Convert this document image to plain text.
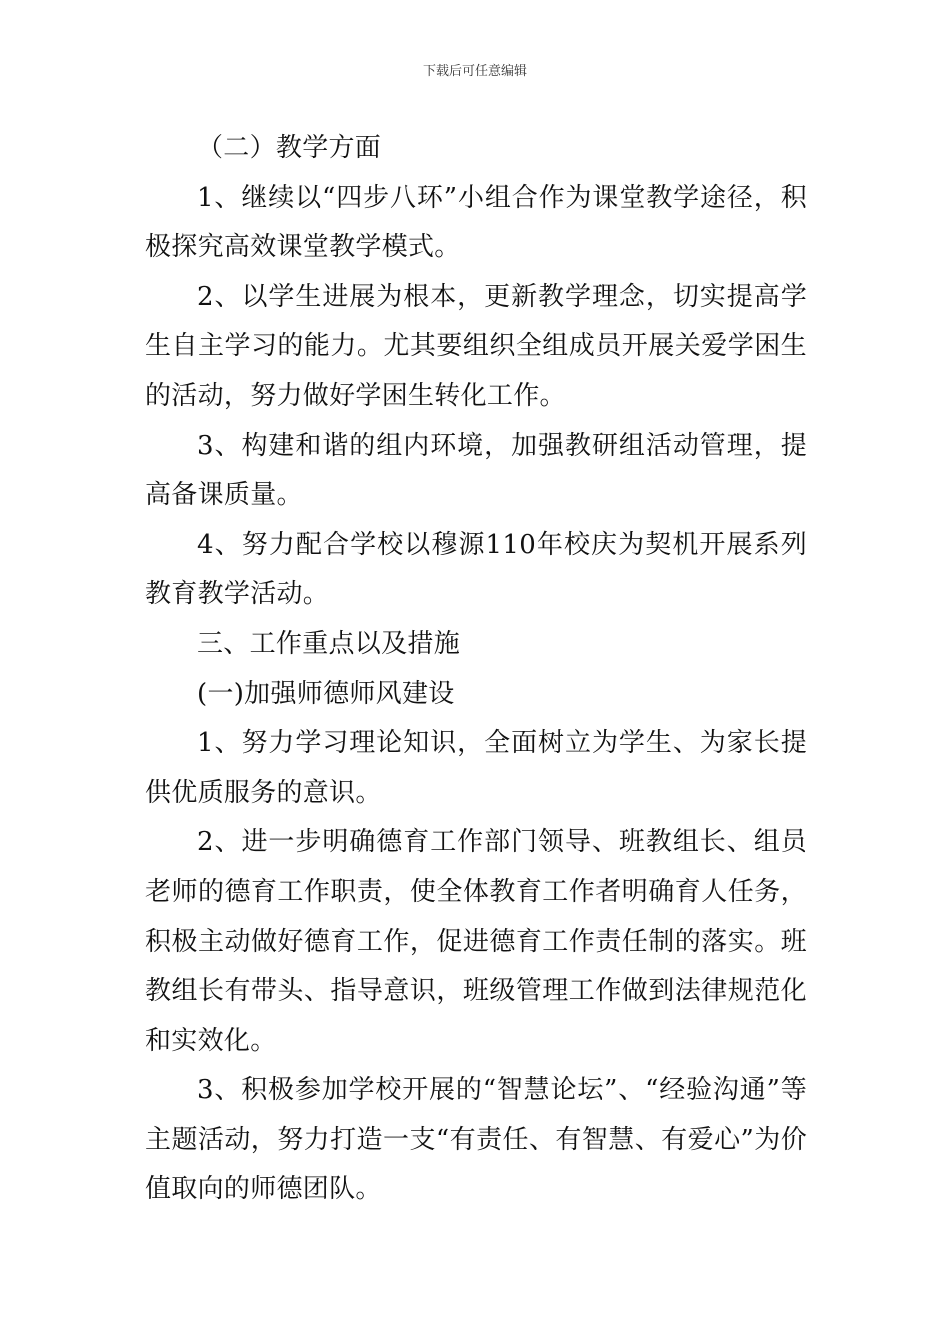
下载后可任意编辑

（二）教学方面

1、继续以“四步八环”小组合作为课堂教学途径，积极探究高效课堂教学模式。

2、以学生进展为根本，更新教学理念，切实提高学生自主学习的能力。尤其要组织全组成员开展关爱学困生的活动，努力做好学困生转化工作。

3、构建和谐的组内环境，加强教研组活动管理，提高备课质量。

4、努力配合学校以穆源110年校庆为契机开展系列教育教学活动。

三、工作重点以及措施

(一)加强师德师风建设

1、努力学习理论知识，全面树立为学生、为家长提供优质服务的意识。

2、进一步明确德育工作部门领导、班教组长、组员老师的德育工作职责，使全体教育工作者明确育人任务，积极主动做好德育工作，促进德育工作责任制的落实。班教组长有带头、指导意识，班级管理工作做到法律规范化和实效化。

3、积极参加学校开展的“智慧论坛”、“经验沟通”等主题活动，努力打造一支“有责任、有智慧、有爱心”为价值取向的师德团队。
